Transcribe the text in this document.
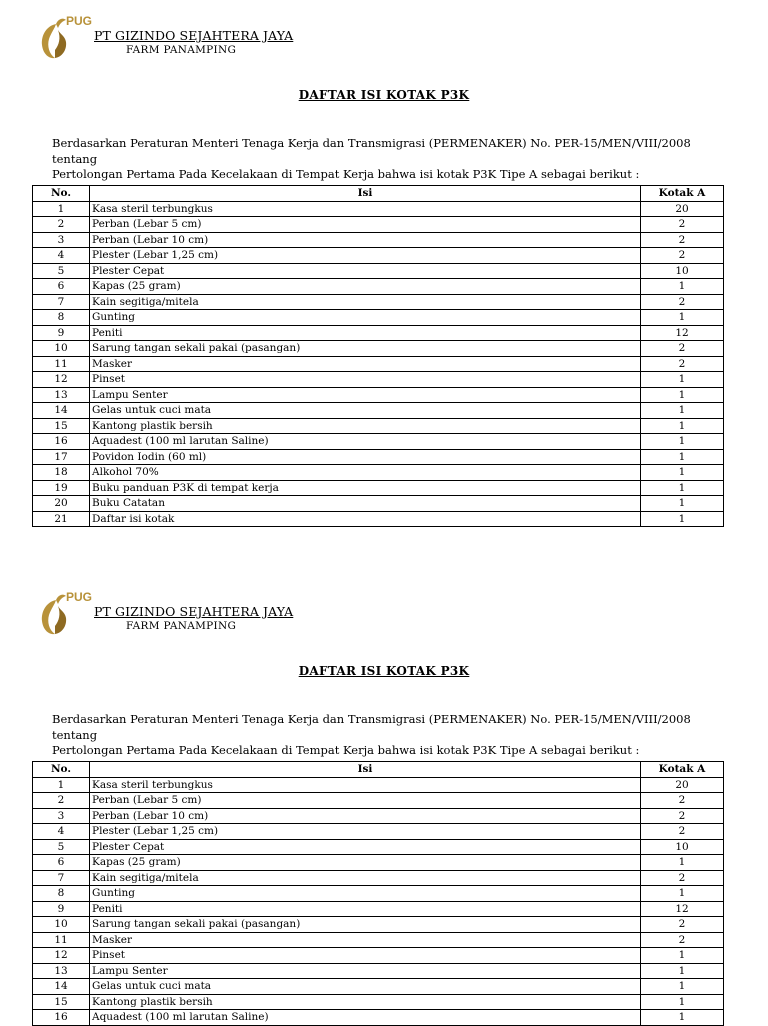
PUG
PT GIZINDO SEJAHTERA JAYA
FARM PANAMPING
DAFTAR ISI KOTAK P3K
Berdasarkan Peraturan Menteri Tenaga Kerja dan Transmigrasi (PERMENAKER) No. PER-15/MEN/VIII/2008 tentang
Pertolongan Pertama Pada Kecelakaan di Tempat Kerja bahwa isi kotak P3K Tipe A sebagai berikut :
No.	Isi	Kotak A
1	Kasa steril terbungkus	20
2	Perban (Lebar 5 cm)	2
3	Perban (Lebar 10 cm)	2
4	Plester (Lebar 1,25 cm)	2
5	Plester Cepat	10
6	Kapas (25 gram)	1
7	Kain segitiga/mitela	2
8	Gunting	1
9	Peniti	12
10	Sarung tangan sekali pakai (pasangan)	2
11	Masker	2
12	Pinset	1
13	Lampu Senter	1
14	Gelas untuk cuci mata	1
15	Kantong plastik bersih	1
16	Aquadest (100 ml larutan Saline)	1
17	Povidon Iodin (60 ml)	1
18	Alkohol 70%	1
19	Buku panduan P3K di tempat kerja	1
20	Buku Catatan	1
21	Daftar isi kotak	1
PUG
PT GIZINDO SEJAHTERA JAYA
FARM PANAMPING
DAFTAR ISI KOTAK P3K
Berdasarkan Peraturan Menteri Tenaga Kerja dan Transmigrasi (PERMENAKER) No. PER-15/MEN/VIII/2008 tentang
Pertolongan Pertama Pada Kecelakaan di Tempat Kerja bahwa isi kotak P3K Tipe A sebagai berikut :
No.	Isi	Kotak A
1	Kasa steril terbungkus	20
2	Perban (Lebar 5 cm)	2
3	Perban (Lebar 10 cm)	2
4	Plester (Lebar 1,25 cm)	2
5	Plester Cepat	10
6	Kapas (25 gram)	1
7	Kain segitiga/mitela	2
8	Gunting	1
9	Peniti	12
10	Sarung tangan sekali pakai (pasangan)	2
11	Masker	2
12	Pinset	1
13	Lampu Senter	1
14	Gelas untuk cuci mata	1
15	Kantong plastik bersih	1
16	Aquadest (100 ml larutan Saline)	1
